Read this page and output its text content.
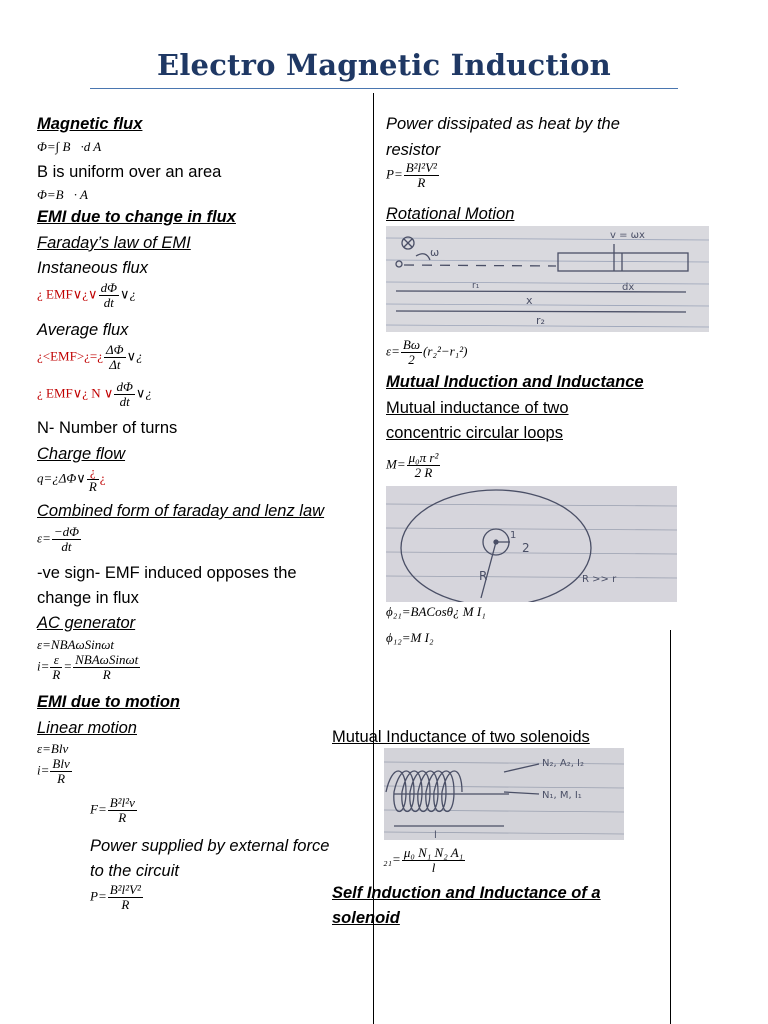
Electro Magnetic Induction
Magnetic flux
Φ=∫ B⃗·d A⃗
B is uniform over an area
Φ=B⃗· A⃗
EMI due to change in flux
Faraday’s law of EMI
Instaneous flux
¿ EMF∨¿∨ $\frac{d\Phi}{dt}$ ∨¿
Average flux
¿<EMF>¿=¿ $\frac{\Delta\Phi}{\Delta t}$ ∨¿
¿ EMF∨¿ N ∨ $\frac{d\Phi}{dt}$ ∨¿
N- Number of turns
Charge flow
q=¿ΔΦ∨ $\frac{¿}{R}$ ¿
Combined form of faraday and lenz law
$\varepsilon= \frac{-d\Phi}{dt}$
-ve sign- EMF induced opposes the
change in flux
AC generator
ε=NBAωSinωt
$i= \frac{\varepsilon}{R} = \frac{\text{NBAωSinωt}}{R}$
EMI due to motion
Linear motion
ε=Blv
$i= \frac{\text{Blv}}{R}$
$F= \frac{\text{B²l²v}}{R}$
Power supplied by external force
to the circuit
$P= \frac{\text{B²l²V²}}{R}$
Power dissipated as heat by the
resistor
$P= \frac{\text{B²l²V²}}{R}$
Rotational Motion
v = ωx
ω
dx
x
r₂
r₁
$\varepsilon= \frac{B\omega}{2} (r_2^2-r_1^2)$
Mutual Induction and Inductance
Mutual inductance of two
concentric circular loops
$M= \frac{\text{μ₀π r²}}{2 R}$
1
2
R	R >> r
ϕ₂₁=BACosθ¿ M I₁
ϕ₁₂=M I₂
Mutual Inductance of two solenoids
N₂, A₂, I₂
N₁, M, I₁
l
$_{21}= \frac{\text{μ₀ N₁ N₂ A₁}}{l}$
Self Induction and Inductance of a
solenoid
